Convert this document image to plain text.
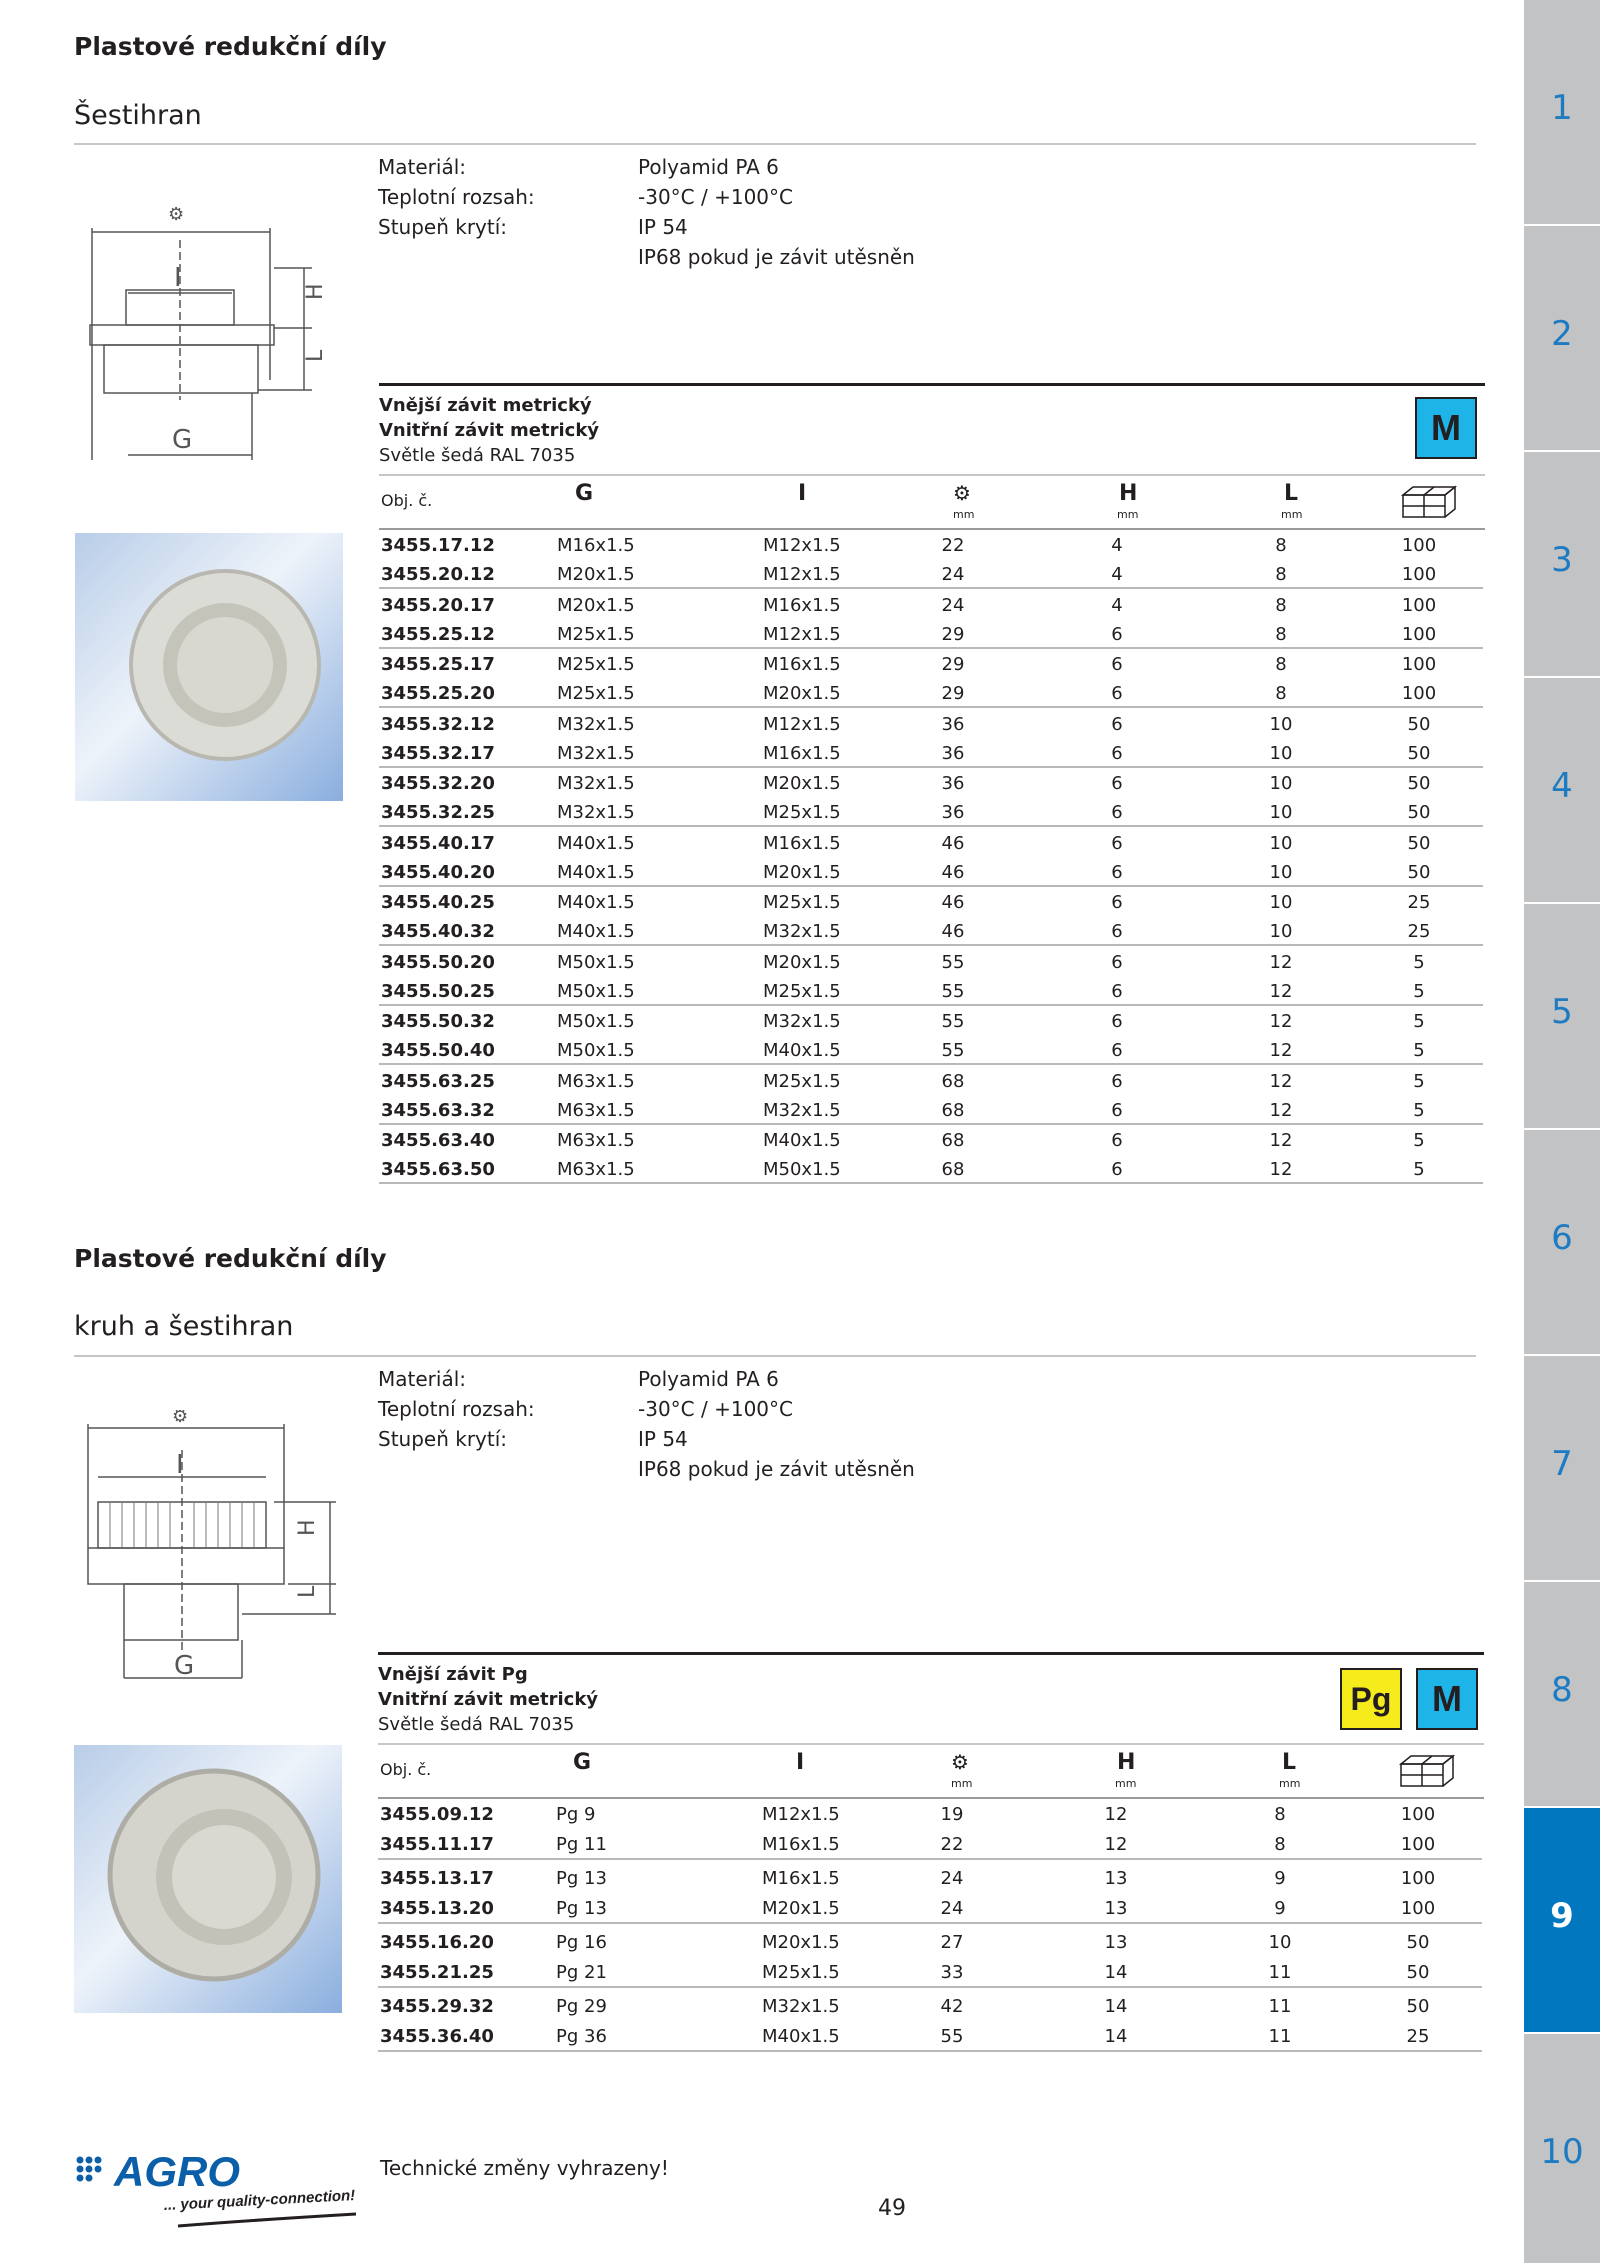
Plastové redukční díly
Šestihran
⚙
I
G
H
L
Materiál:	Polyamid PA 6
Teplotní rozsah:	-30°C / +100°C
Stupeň krytí:	IP 54
IP68 pokud je závit utěsněn
Vnější závit metrický
Vnitřní závit metrický
Světle šedá RAL 7035
M
Obj. č.	G	I	⚙
mm
H
mm
L
mm
3455.17.12	M16x1.5	M12x1.5	22	4	8	100
3455.20.12	M20x1.5	M12x1.5	24	4	8	100
3455.20.17	M20x1.5	M16x1.5	24	4	8	100
3455.25.12	M25x1.5	M12x1.5	29	6	8	100
3455.25.17	M25x1.5	M16x1.5	29	6	8	100
3455.25.20	M25x1.5	M20x1.5	29	6	8	100
3455.32.12	M32x1.5	M12x1.5	36	6	10	50
3455.32.17	M32x1.5	M16x1.5	36	6	10	50
3455.32.20	M32x1.5	M20x1.5	36	6	10	50
3455.32.25	M32x1.5	M25x1.5	36	6	10	50
3455.40.17	M40x1.5	M16x1.5	46	6	10	50
3455.40.20	M40x1.5	M20x1.5	46	6	10	50
3455.40.25	M40x1.5	M25x1.5	46	6	10	25
3455.40.32	M40x1.5	M32x1.5	46	6	10	25
3455.50.20	M50x1.5	M20x1.5	55	6	12	5
3455.50.25	M50x1.5	M25x1.5	55	6	12	5
3455.50.32	M50x1.5	M32x1.5	55	6	12	5
3455.50.40	M50x1.5	M40x1.5	55	6	12	5
3455.63.25	M63x1.5	M25x1.5	68	6	12	5
3455.63.32	M63x1.5	M32x1.5	68	6	12	5
3455.63.40	M63x1.5	M40x1.5	68	6	12	5
3455.63.50	M63x1.5	M50x1.5	68	6	12	5
Plastové redukční díly
kruh a šestihran
⚙
I
G
H
L
Materiál:	Polyamid PA 6
Teplotní rozsah:	-30°C / +100°C
Stupeň krytí:	IP 54
IP68 pokud je závit utěsněn
Vnější závit Pg
Vnitřní závit metrický
Světle šedá RAL 7035
Pg	M
Obj. č.	G	I	⚙
mm
H
mm
L
mm
3455.09.12	Pg 9	M12x1.5	19	12	8	100
3455.11.17	Pg 11	M16x1.5	22	12	8	100
3455.13.17	Pg 13	M16x1.5	24	13	9	100
3455.13.20	Pg 13	M20x1.5	24	13	9	100
3455.16.20	Pg 16	M20x1.5	27	13	10	50
3455.21.25	Pg 21	M25x1.5	33	14	11	50
3455.29.32	Pg 29	M32x1.5	42	14	11	50
3455.36.40	Pg 36	M40x1.5	55	14	11	25
AGRO
... your quality-connection!
Technické změny vyhrazeny!
49
1
2
3
4
5
6
7
8
9
10
